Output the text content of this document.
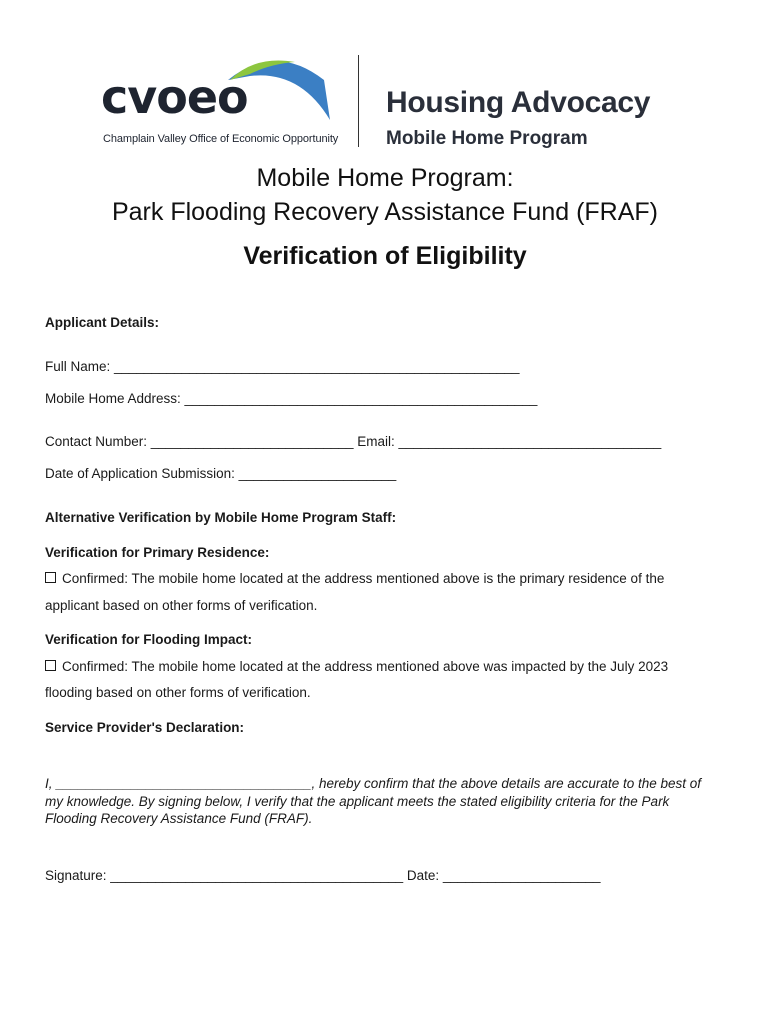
cvoeo
Champlain Valley Office of Economic Opportunity
Housing Advocacy
Mobile Home Program
Mobile Home Program:
Park Flooding Recovery Assistance Fund (FRAF)
Verification of Eligibility
Applicant Details:
Full Name: ______________________________________________________
Mobile Home Address: _______________________________________________
Contact Number: ___________________________ Email: ___________________________________
Date of Application Submission: _____________________
Alternative Verification by Mobile Home Program Staff:
Verification for Primary Residence:
Confirmed: The mobile home located at the address mentioned above is the primary residence of the
applicant based on other forms of verification.
Verification for Flooding Impact:
Confirmed: The mobile home located at the address mentioned above was impacted by the July 2023
flooding based on other forms of verification.
Service Provider's Declaration:
I, __________________________________, hereby confirm that the above details are accurate to the best of
my knowledge. By signing below, I verify that the applicant meets the stated eligibility criteria for the Park
Flooding Recovery Assistance Fund (FRAF).
Signature: _______________________________________ Date: _____________________
